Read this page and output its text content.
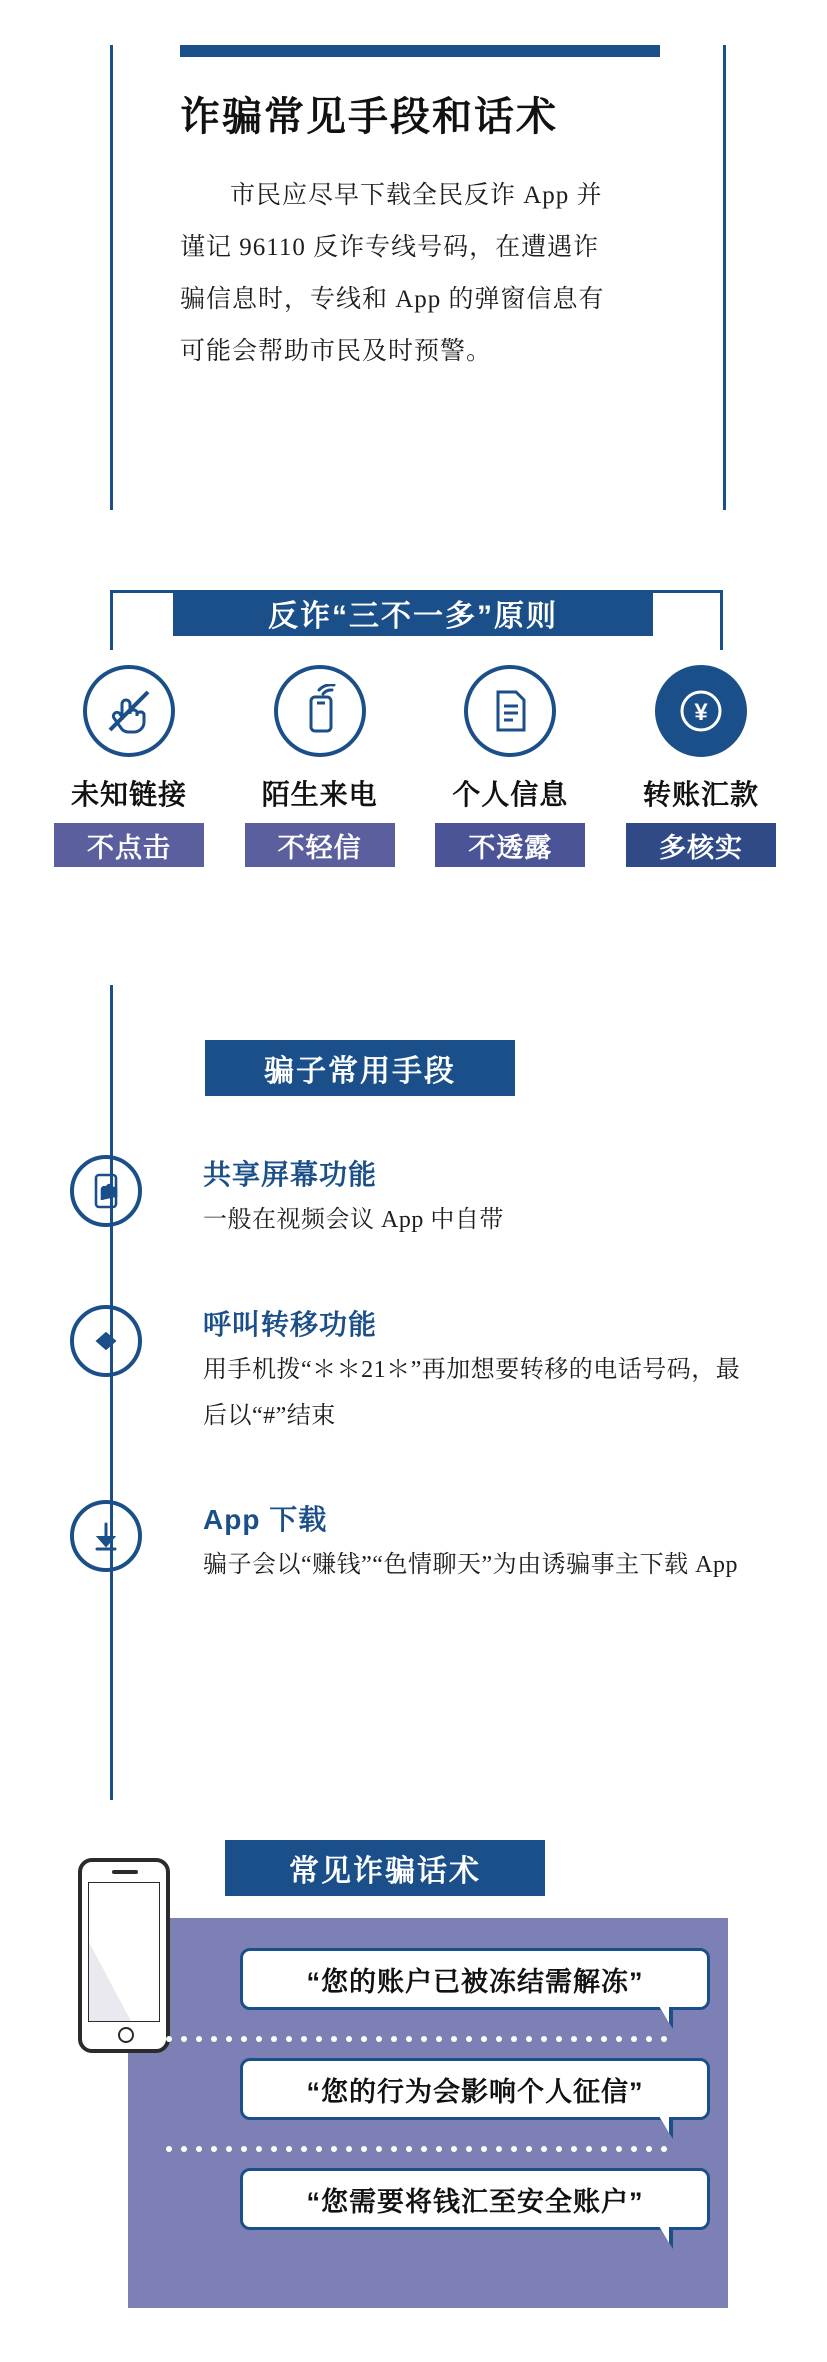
诈骗常见手段和话术
市民应尽早下载全民反诈 App 并谨记 96110 反诈专线号码，在遭遇诈骗信息时，专线和 App 的弹窗信息有可能会帮助市民及时预警。
反诈“三不一多”原则
未知链接
不点击
陌生来电
不轻信
个人信息
不透露
¥
转账汇款
多核实
骗子常用手段
共享屏幕功能
一般在视频会议 App 中自带
呼叫转移功能
用手机拨“＊＊21＊”再加想要转移的电话号码，最后以“#”结束
App 下载
骗子会以“赚钱”“色情聊天”为由诱骗事主下载 App
常见诈骗话术
“您的账户已被冻结需解冻”
“您的行为会影响个人征信”
“您需要将钱汇至安全账户”
